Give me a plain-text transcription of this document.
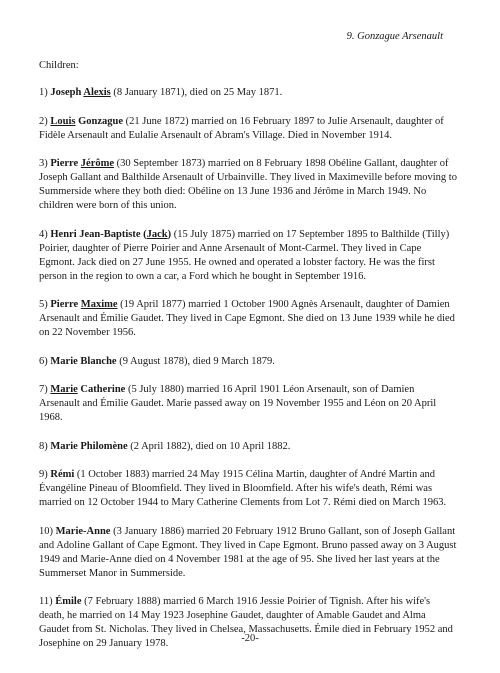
9. Gonzague Arsenault
Children:

1) Joseph Alexis (8 January 1871), died on 25 May 1871.

2) Louis Gonzague (21 June 1872) married on 16 February 1897 to Julie Arsenault, daughter of Fidèle Arsenault and Eulalie Arsenault of Abram's Village. Died in November 1914.

3) Pierre Jérôme (30 September 1873) married on 8 February 1898 Obéline Gallant, daughter of Joseph Gallant and Balthilde Arsenault of Urbainville. They lived in Maximeville before moving to Summerside where they both died: Obéline on 13 June 1936 and Jérôme in March 1949. No children were born of this union.

4) Henri Jean-Baptiste (Jack) (15 July 1875) married on 17 September 1895 to Balthilde (Tilly) Poirier, daughter of Pierre Poirier and Anne Arsenault of Mont-Carmel. They lived in Cape Egmont. Jack died on 27 June 1955. He owned and operated a lobster factory. He was the first person in the region to own a car, a Ford which he bought in September 1916.

5) Pierre Maxime (19 April 1877) married 1 October 1900 Agnès Arsenault, daughter of Damien Arsenault and Émilie Gaudet. They lived in Cape Egmont. She died on 13 June 1939 while he died on 22 November 1956.

6) Marie Blanche (9 August 1878), died 9 March 1879.

7) Marie Catherine (5 July 1880) married 16 April 1901 Léon Arsenault, son of Damien Arsenault and Émilie Gaudet. Marie passed away on 19 November 1955 and Léon on 20 April 1968.

8) Marie Philomène (2 April 1882), died on 10 April 1882.

9) Rémi (1 October 1883) married 24 May 1915 Célina Martin, daughter of André Martin and Évangéline Pineau of Bloomfield. They lived in Bloomfield. After his wife's death, Rémi was married on 12 October 1944 to Mary Catherine Clements from Lot 7. Rémi died on March 1963.

10) Marie-Anne (3 January 1886) married 20 February 1912 Bruno Gallant, son of Joseph Gallant and Adoline Gallant of Cape Egmont. They lived in Cape Egmont. Bruno passed away on 3 August 1949 and Marie-Anne died on 4 November 1981 at the age of 95. She lived her last years at the Summerset Manor in Summerside.

11) Émile (7 February 1888) married 6 March 1916 Jessie Poirier of Tignish. After his wife's death, he married on 14 May 1923 Josephine Gaudet, daughter of Amable Gaudet and Alma Gaudet from St. Nicholas. They lived in Chelsea, Massachusetts. Émile died in February 1952 and Josephine on 29 January 1978.	-20-
